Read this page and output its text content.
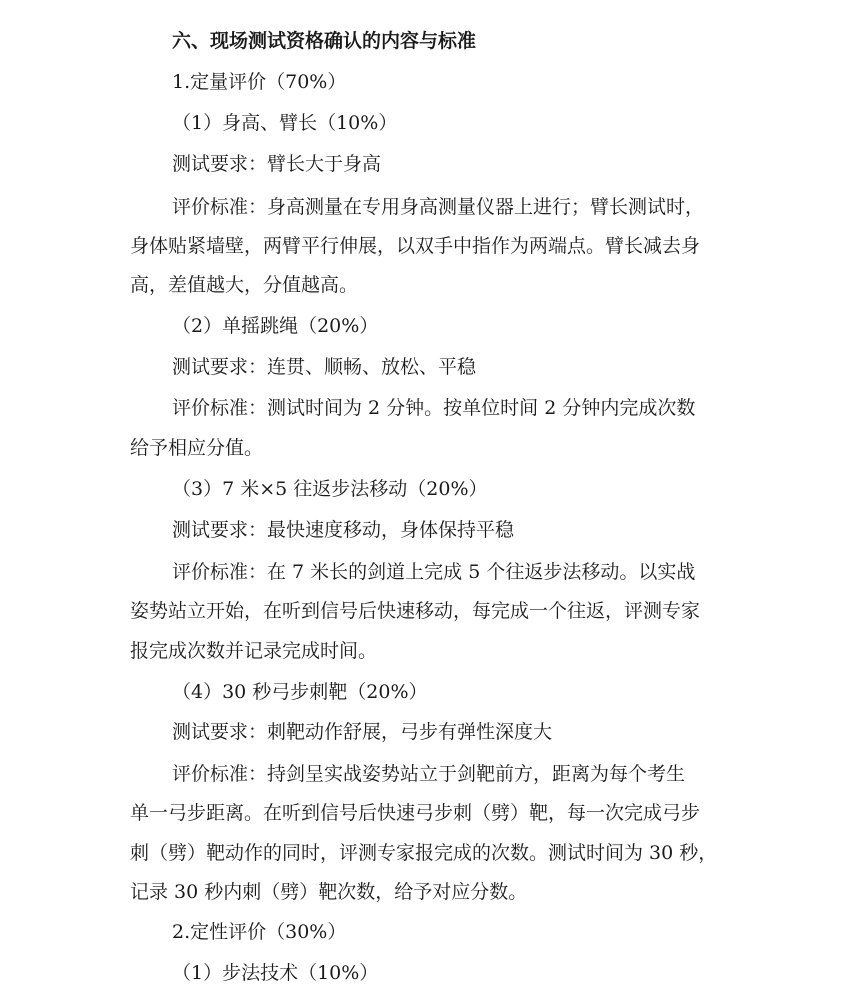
六、现场测试资格确认的内容与标准
1.定量评价（70%）
（1）身高、臂长（10%）
测试要求：臂长大于身高
评价标准：身高测量在专用身高测量仪器上进行；臂长测试时，
身体贴紧墙壁，两臂平行伸展，以双手中指作为两端点。臂长减去身
高，差值越大，分值越高。
（2）单摇跳绳（20%）
测试要求：连贯、顺畅、放松、平稳
评价标准：测试时间为 2 分钟。按单位时间 2 分钟内完成次数
给予相应分值。
（3）7 米×5 往返步法移动（20%）
测试要求：最快速度移动，身体保持平稳
评价标准：在 7 米长的剑道上完成 5 个往返步法移动。以实战
姿势站立开始，在听到信号后快速移动，每完成一个往返，评测专家
报完成次数并记录完成时间。
（4）30 秒弓步刺靶（20%）
测试要求：刺靶动作舒展，弓步有弹性深度大
评价标准：持剑呈实战姿势站立于剑靶前方，距离为每个考生
单一弓步距离。在听到信号后快速弓步刺（劈）靶，每一次完成弓步
刺（劈）靶动作的同时，评测专家报完成的次数。测试时间为 30 秒，
记录 30 秒内刺（劈）靶次数，给予对应分数。
2.定性评价（30%）
（1）步法技术（10%）
